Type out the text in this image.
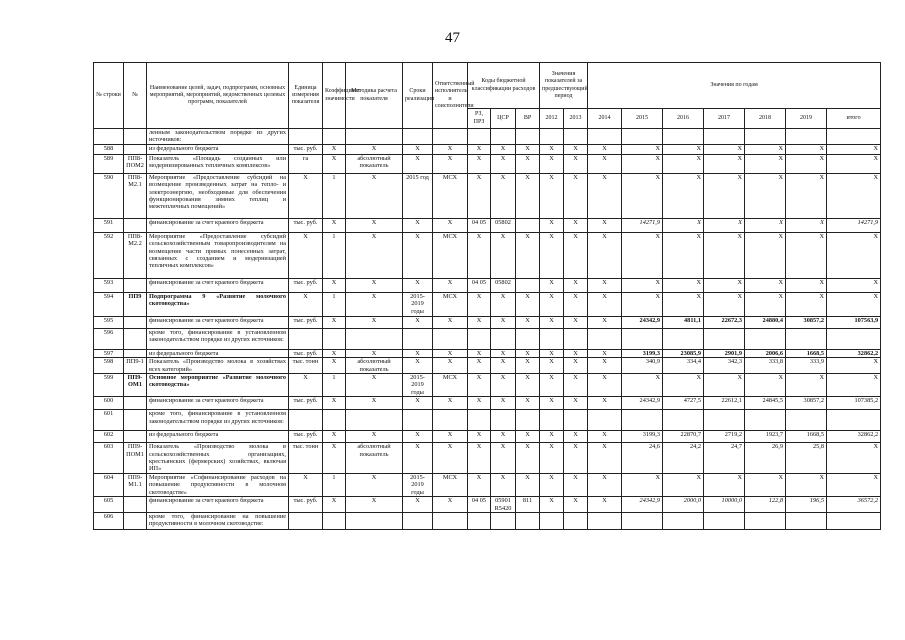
47
№ строки	№	Наименование целей, задач, подпрограмм, основных мероприятий, мероприятий, ведомственных целевых программ, показателей	Единица измерения показателя	Коэффициент значимости	Методика расчета показателя	Сроки реализации	Ответственный исполнитель и соисполнители	Коды бюджетной классификации расходов			Значения показателей за предшествующий период		Значения по годам						
								РЗ, ПРЗ	ЦСР	ВР	2012	2013	2014	2015	2016	2017	2018	2019	итого
		ленным законодательством порядке из других источников:																	
588		из федерального бюджета	тыс. руб.	X	X	X	X	X	X	X	X	X	X	X	X	X	X	X	X
589	ПП8-ПОМ2	Показатель «Площадь созданных или модернизированных тепличных комплексов»	га	X	абсолютный показатель	X	X	X	X	X	X	X	X	X	X	X	X	X	X
590	ПП8-М2.1	Мероприятие «Предоставление субсидий на возмещение произведенных затрат на тепло- и электроэнергию, необходимые для обеспечения функционирования зимних теплиц и межтепличных помещений»	X	1	X	2015 год	МСХ	X	X	X	X	X	X	X	X	X	X	X	X
591		финансирование за счет краевого бюджета	тыс. руб.	X	X	X	X	04 05	05802		X	X	X	14271,9	X	X	X	X	14271,9
592	ПП8-М2.2	Мероприятие «Предоставление субсидий сельскохозяйственным товаропроизводителям на возмещение части прямых понесенных затрат, связанных с созданием и модернизацией тепличных комплексов»	X	1	X	X	МСХ	X	X	X	X	X	X	X	X	X	X	X	X
593		финансирование за счет краевого бюджета	тыс. руб.	X	X	X	X	04 05	05802		X	X	X	X	X	X	X	X	X
594	ПП9	Подпрограмма 9 «Развитие молочного скотоводства»	X	1	X	2015-2019 годы	МСХ	X	X	X	X	X	X	X	X	X	X	X	X
595		финансирование за счет краевого бюджета	тыс. руб.	X	X	X	X	X	X	X	X	X	X	24342,9	4811,1	22672,3	24880,4	30857,2	107563,9
596		кроме того, финансирование в установленном законодательством порядке из других источников:																	
597		из федерального бюджета	тыс. руб.	X	X	X	X	X	X	X	X	X	X	3199,3	23085,9	2901,9	2006,6	1668,5	32862,2
598	ПП9-1	Показатель «Производство молока в хозяйствах всех категорий»	тыс. тонн	X	абсолютный показатель	X	X	X	X	X	X	X	X	340,9	334,4	342,3	333,8	333,9	X
599	ПП9-ОМ1	Основное мероприятие «Развитие молочного скотоводства»	X	1	X	2015-2019 годы	МСХ	X	X	X	X	X	X	X	X	X	X	X	X
600		финансирование за счет краевого бюджета	тыс. руб.	X	X	X	X	X	X	X	X	X	X	24342,9	4727,5	22612,1	24845,5	30857,2	107385,2
601		кроме того, финансирование в установленном законодательством порядке из других источников:																	
602		из федерального бюджета	тыс. руб.	X	X	X	X	X	X	X	X	X	X	3199,3	22870,7	2719,2	1923,7	1668,5	32862,2
603	ПП9-ПОМ1	Показатель «Производство молока в сельскохозяйственных организациях, крестьянских (фермерских) хозяйствах, включая ИП»	тыс. тонн	X	абсолютный показатель	X	X	X	X	X	X	X	X	24,6	24,2	24,7	26,9	25,8	X
604	ПП9-М1.1	Мероприятие «Софинансирование расходов на повышение продуктивности в молочном скотоводстве»	X	1	X	2015-2019 годы	МСХ	X	X	X	X	X	X	X	X	X	X	X	X
605		финансирование за счет краевого бюджета	тыс. руб.	X	X	X	X	04 05	05901 R5420	811	X	X	X	24342,9	2000,0	10000,0	122,8	196,5	36572,2
606		кроме того, финансирование на повышение продуктивности в молочном скотоводстве:																	
